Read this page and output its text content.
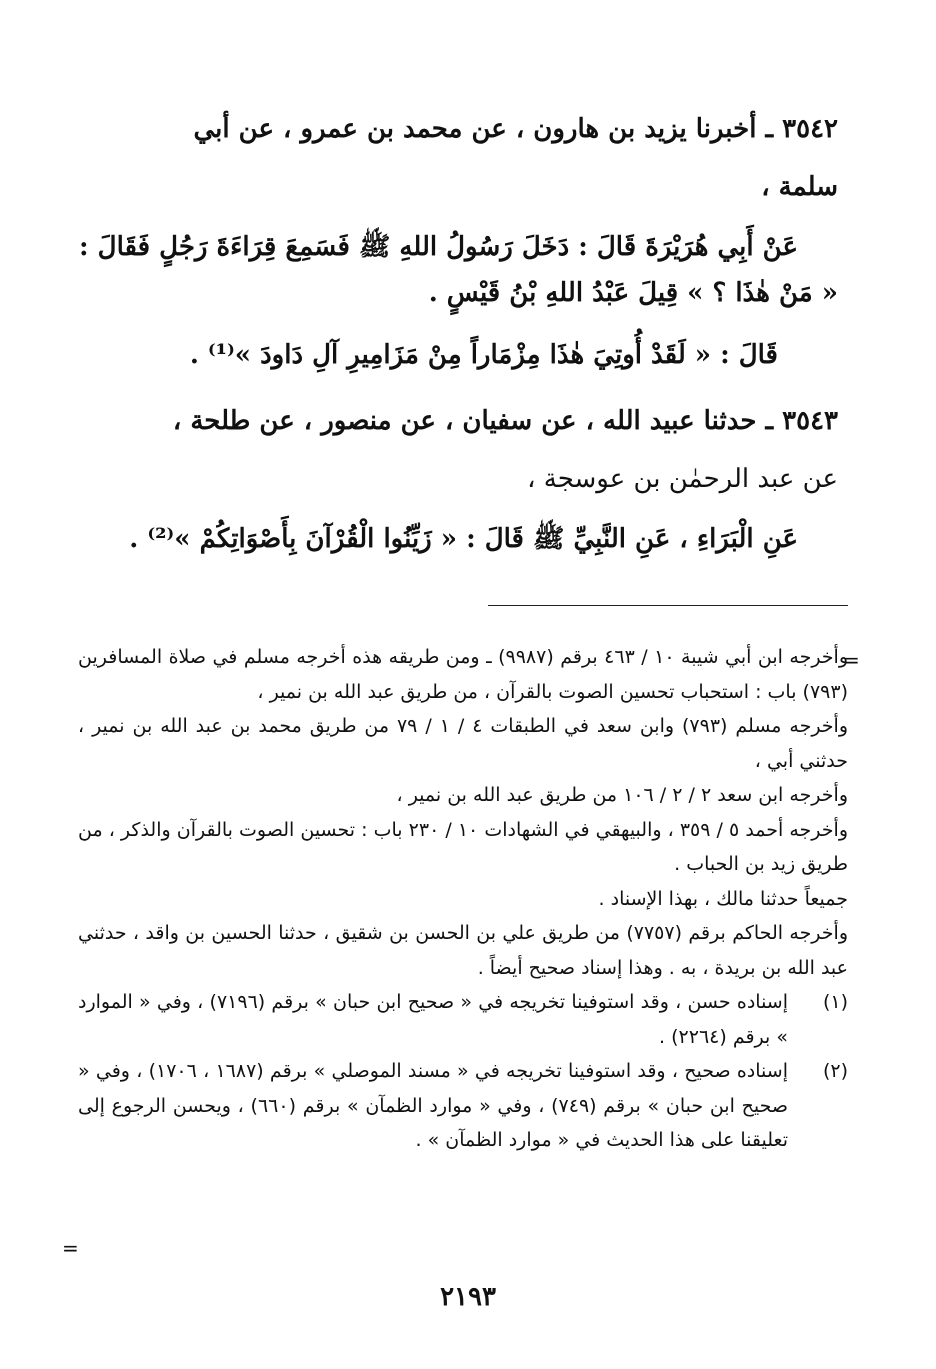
٣٥٤٢ ـ أخبرنا يزيد بن هارون ، عن محمد بن عمرو ، عن أبي
سلمة ،

عَنْ أَبِي هُرَيْرَةَ قَالَ : دَخَلَ رَسُولُ اللهِ ﷺ فَسَمِعَ قِرَاءَةَ رَجُلٍ فَقَالَ :

« مَنْ هٰذَا ؟ » قِيلَ عَبْدُ اللهِ بْنُ قَيْسٍ .

قَالَ : « لَقَدْ أُوتِيَ هٰذَا مِزْمَاراً مِنْ مَزَامِيرِ آلِ دَاودَ »⁽¹⁾ .

٣٥٤٣ ـ حدثنا عبيد الله ، عن سفيان ، عن منصور ، عن طلحة ،
عن عبد الرحمٰن بن عوسجة ،

عَنِ الْبَرَاءِ ، عَنِ النَّبِيِّ ﷺ قَالَ : « زَيِّنُوا الْقُرْآنَ بِأَصْوَاتِكُمْ »⁽²⁾ .

=

وأخرجه ابن أبي شيبة ١٠ / ٤٦٣ برقم (٩٩٨٧) ـ ومن طريقه هذه أخرجه مسلم في صلاة المسافرين (٧٩٣) باب : استحباب تحسين الصوت بالقرآن ، من طريق عبد الله بن نمير ،

وأخرجه مسلم (٧٩٣) وابن سعد في الطبقات ٤ / ١ / ٧٩ من طريق محمد بن عبد الله بن نمير ، حدثني أبي ،

وأخرجه ابن سعد ٢ / ٢ / ١٠٦ من طريق عبد الله بن نمير ،

وأخرجه أحمد ٥ / ٣٥٩ ، والبيهقي في الشهادات ١٠ / ٢٣٠ باب : تحسين الصوت بالقرآن والذكر ، من طريق زيد بن الحباب .

جميعاً حدثنا مالك ، بهذا الإسناد .

وأخرجه الحاكم برقم (٧٧٥٧) من طريق علي بن الحسن بن شقيق ، حدثنا الحسين بن واقد ، حدثني عبد الله بن بريدة ، به . وهذا إسناد صحيح أيضاً .

(١)
إسناده حسن ، وقد استوفينا تخريجه في « صحيح ابن حبان » برقم (٧١٩٦) ، وفي « الموارد » برقم (٢٢٦٤) .
(٢)
إسناده صحيح ، وقد استوفينا تخريجه في « مسند الموصلي » برقم (١٦٨٧ ، ١٧٠٦) ، وفي « صحيح ابن حبان » برقم (٧٤٩) ، وفي « موارد الظمآن » برقم (٦٦٠) ، ويحسن الرجوع إلى تعليقنا على هذا الحديث في « موارد الظمآن » .
=
٢١٩٣
